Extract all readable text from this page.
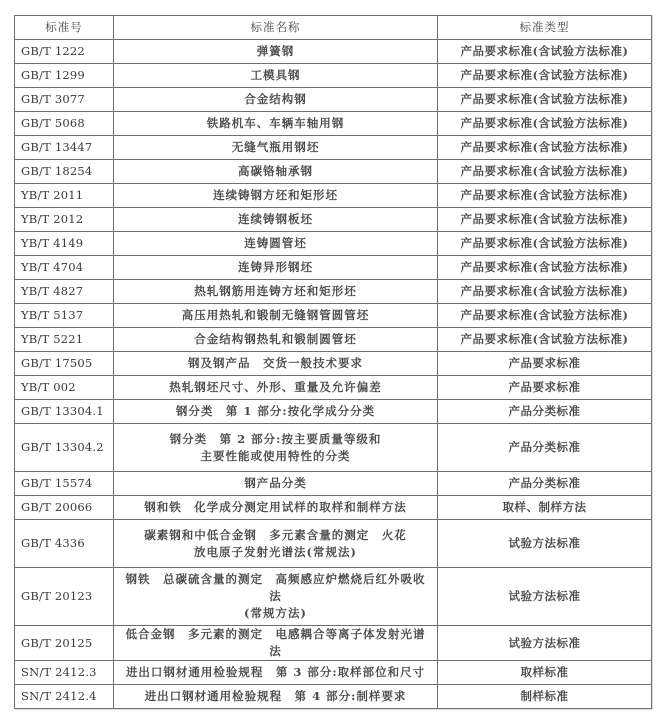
标准号	标准名称	标准类型
GB/T 1222	弹簧钢	产品要求标准(含试验方法标准)
GB/T 1299	工模具钢	产品要求标准(含试验方法标准)
GB/T 3077	合金结构钢	产品要求标准(含试验方法标准)
GB/T 5068	铁路机车、车辆车轴用钢	产品要求标准(含试验方法标准)
GB/T 13447	无缝气瓶用钢坯	产品要求标准(含试验方法标准)
GB/T 18254	高碳铬轴承钢	产品要求标准(含试验方法标准)
YB/T 2011	连续铸钢方坯和矩形坯	产品要求标准(含试验方法标准)
YB/T 2012	连续铸钢板坯	产品要求标准(含试验方法标准)
YB/T 4149	连铸圆管坯	产品要求标准(含试验方法标准)
YB/T 4704	连铸异形钢坯	产品要求标准(含试验方法标准)
YB/T 4827	热轧钢筋用连铸方坯和矩形坯	产品要求标准(含试验方法标准)
YB/T 5137	高压用热轧和锻制无缝钢管圆管坯	产品要求标准(含试验方法标准)
YB/T 5221	合金结构钢热轧和锻制圆管坯	产品要求标准(含试验方法标准)
GB/T 17505	钢及钢产品　交货一般技术要求	产品要求标准
YB/T 002	热轧钢坯尺寸、外形、重量及允许偏差	产品要求标准
GB/T 13304.1	钢分类　第 1 部分:按化学成分分类	产品分类标准
GB/T 13304.2	钢分类　第 2 部分:按主要质量等级和
主要性能或使用特性的分类	产品分类标准
GB/T 15574	钢产品分类	产品分类标准
GB/T 20066	钢和铁　化学成分测定用试样的取样和制样方法	取样、制样方法
GB/T 4336	碳素钢和中低合金钢　多元素含量的测定　火花
放电原子发射光谱法(常规法)	试验方法标准
GB/T 20123	钢铁　总碳硫含量的测定　高频感应炉燃烧后红外吸收法
(常规方法)	试验方法标准
GB/T 20125	低合金钢　多元素的测定　电感耦合等离子体发射光谱法	试验方法标准
SN/T 2412.3	进出口钢材通用检验规程　第 3 部分:取样部位和尺寸	取样标准
SN/T 2412.4	进出口钢材通用检验规程　第 4 部分:制样要求	制样标准
